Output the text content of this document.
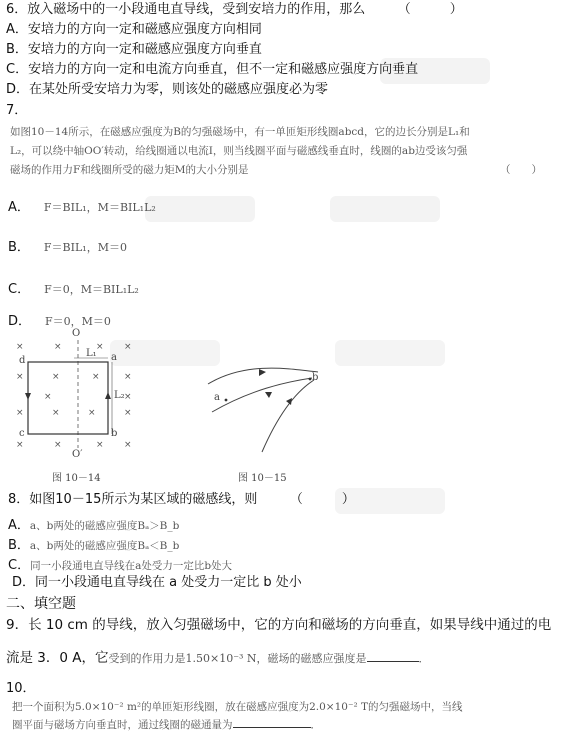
6．放入磁场中的一小段通电直导线，受到安培力的作用，那么　　　（　　　）
A．安培力的方向一定和磁感应强度方向相同
B．安培力的方向一定和磁感应强度方向垂直
C．安培力的方向一定和电流方向垂直，但不一定和磁感应强度方向垂直
D．在某处所受安培力为零，则该处的磁感应强度必为零
7．
如图10－14所示，在磁感应强度为B的匀强磁场中，有一单匝矩形线圈abcd，它的边长分别是L₁和
L₂，可以绕中轴OO′转动，给线圈通以电流I，则当线圈平面与磁感线垂直时，线圈的ab边受该匀强
磁场的作用力F和线圈所受的磁力矩M的大小分别是	（　　）
A． F＝BIL₁，M＝BIL₁L₂
B． F＝BIL₁，M＝0
C． F＝0，M＝BIL₁L₂
D． F＝0，M＝0
×	×	× ×
×	×	×	×
×	×
×	×	×	×
×	×	× ×
O
O′
L₁
L₂
a
b
c
d
图 10－14
a
b
图 10－15
8．如图10－15所示为某区域的磁感线，则　　　（　　　）
A．a、b两处的磁感应强度Bₐ＞B_b
B．a、b两处的磁感应强度Bₐ＜B_b
C．同一小段通电直导线在a处受力一定比b处大
D．同一小段通电直导线在 a 处受力一定比 b 处小
二、填空题
9．长 10 cm 的导线，放入匀强磁场中，它的方向和磁场的方向垂直，如果导线中通过的电
流是 3．0 A，它受到的作用力是1.50×10⁻³ N，磁场的磁感应强度是	．
10．
把一个面积为5.0×10⁻² m²的单匝矩形线圈，放在磁感应强度为2.0×10⁻² T的匀强磁场中，当线
圈平面与磁场方向垂直时，通过线圈的磁通量为	．
